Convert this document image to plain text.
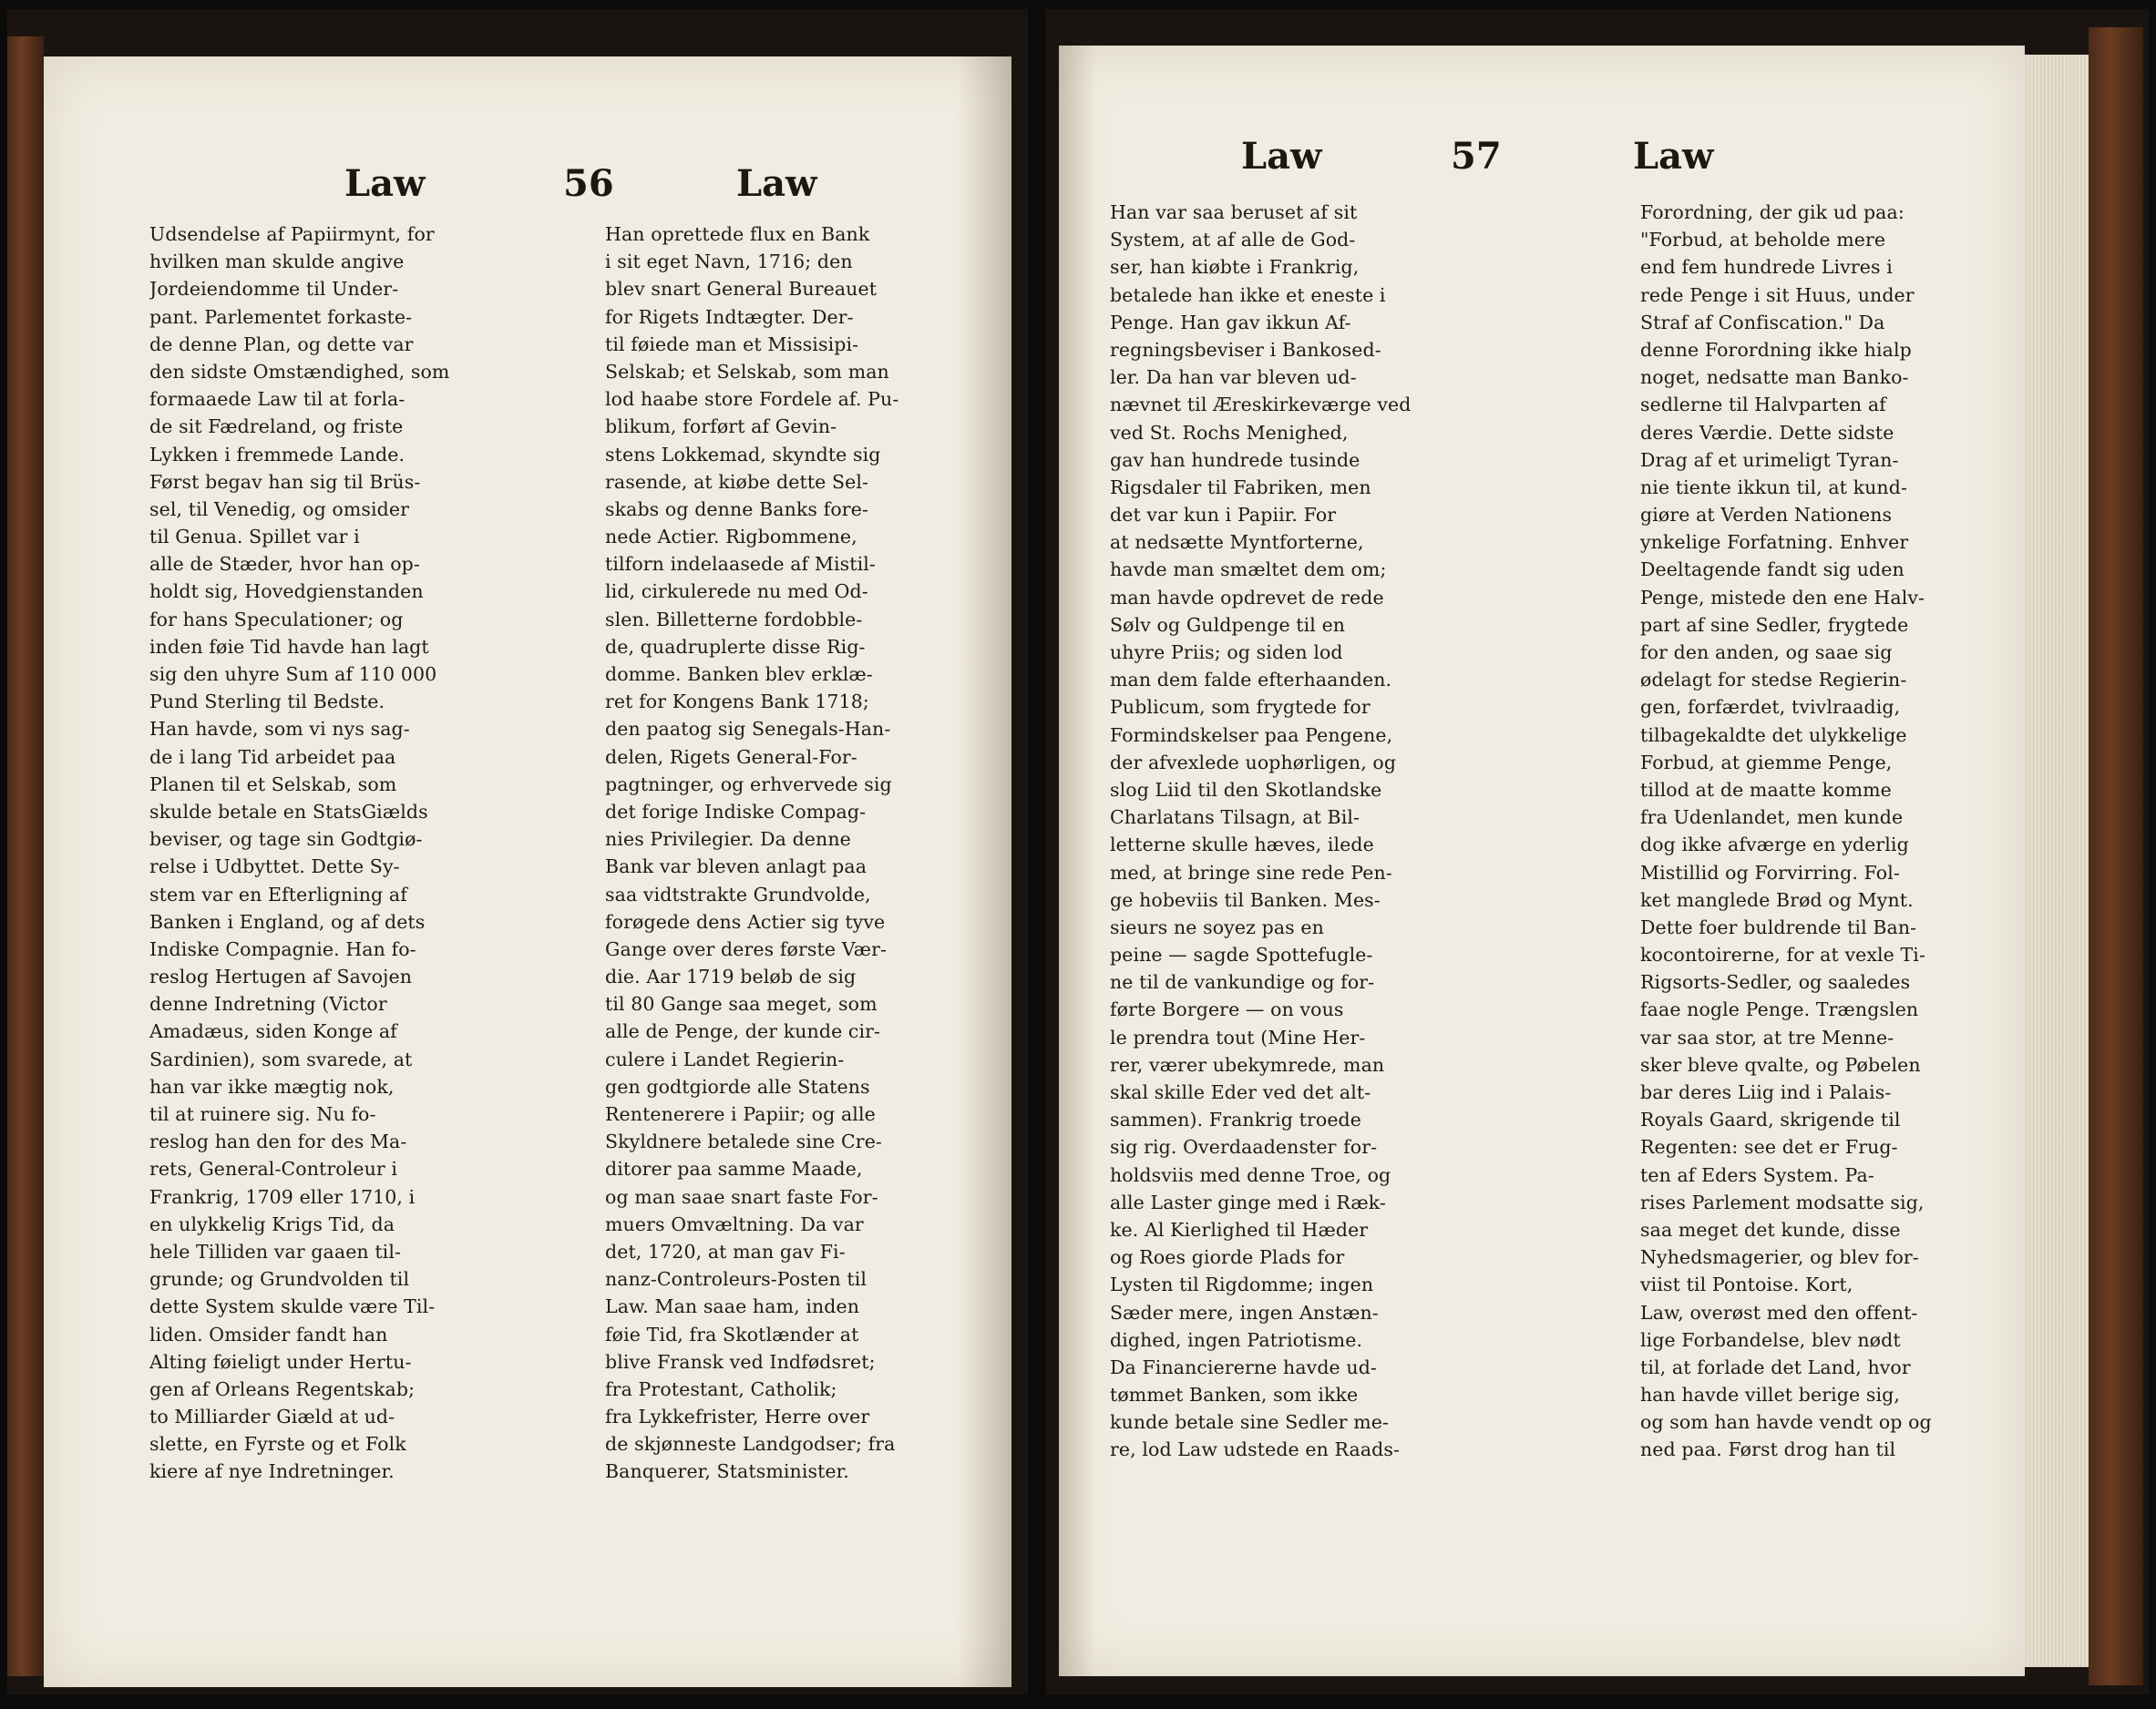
Law	56	Law
Udsendelse af Papiirmynt, for
hvilken man skulde angive
Jordeiendomme til Under-
pant. Parlementet forkaste-
de denne Plan, og dette var
den sidste Omstændighed, som
formaaede Law til at forla-
de sit Fædreland, og friste
Lykken i fremmede Lande.
Først begav han sig til Brüs-
sel, til Venedig, og omsider
til Genua. Spillet var i
alle de Stæder, hvor han op-
holdt sig, Hovedgienstanden
for hans Speculationer; og
inden føie Tid havde han lagt
sig den uhyre Sum af 110 000
Pund Sterling til Bedste.
Han havde, som vi nys sag-
de i lang Tid arbeidet paa
Planen til et Selskab, som
skulde betale en StatsGiælds
beviser, og tage sin Godtgiø-
relse i Udbyttet. Dette Sy-
stem var en Efterligning af
Banken i England, og af dets
Indiske Compagnie. Han fo-
reslog Hertugen af Savojen
denne Indretning (Victor
Amadæus, siden Konge af
Sardinien), som svarede, at
han var ikke mægtig nok,
til at ruinere sig. Nu fo-
reslog han den for des Ma-
rets, General-Controleur i
Frankrig, 1709 eller 1710, i
en ulykkelig Krigs Tid, da
hele Tilliden var gaaen til-
grunde; og Grundvolden til
dette System skulde være Til-
liden. Omsider fandt han
Alting føieligt under Hertu-
gen af Orleans Regentskab;
to Milliarder Giæld at ud-
slette, en Fyrste og et Folk
kiere af nye Indretninger.
Han oprettede flux en Bank
i sit eget Navn, 1716; den
blev snart General Bureauet
for Rigets Indtægter. Der-
til føiede man et Missisipi-
Selskab; et Selskab, som man
lod haabe store Fordele af. Pu-
blikum, forført af Gevin-
stens Lokkemad, skyndte sig
rasende, at kiøbe dette Sel-
skabs og denne Banks fore-
nede Actier. Rigbommene,
tilforn indelaasede af Mistil-
lid, cirkulerede nu med Od-
slen. Billetterne fordobble-
de, quadruplerte disse Rig-
domme. Banken blev erklæ-
ret for Kongens Bank 1718;
den paatog sig Senegals-Han-
delen, Rigets General-For-
pagtninger, og erhvervede sig
det forige Indiske Compag-
nies Privilegier. Da denne
Bank var bleven anlagt paa
saa vidtstrakte Grundvolde,
forøgede dens Actier sig tyve
Gange over deres første Vær-
die. Aar 1719 beløb de sig
til 80 Gange saa meget, som
alle de Penge, der kunde cir-
culere i Landet Regierin-
gen godtgiorde alle Statens
Rentenerere i Papiir; og alle
Skyldnere betalede sine Cre-
ditorer paa samme Maade,
og man saae snart faste For-
muers Omvæltning. Da var
det, 1720, at man gav Fi-
nanz-Controleurs-Posten til
Law. Man saae ham, inden
føie Tid, fra Skotlænder at
blive Fransk ved Indfødsret;
fra Protestant, Catholik;
fra Lykkefrister, Herre over
de skjønneste Landgodser; fra
Banquerer, Statsminister.
Law	57	Law
Han var saa beruset af sit
System, at af alle de God-
ser, han kiøbte i Frankrig,
betalede han ikke et eneste i
Penge. Han gav ikkun Af-
regningsbeviser i Bankosed-
ler. Da han var bleven ud-
nævnet til Æreskirkeværge ved
ved St. Rochs Menighed,
gav han hundrede tusinde
Rigsdaler til Fabriken, men
det var kun i Papiir. For
at nedsætte Myntforterne,
havde man smæltet dem om;
man havde opdrevet de rede
Sølv og Guldpenge til en
uhyre Priis; og siden lod
man dem falde efterhaanden.
Publicum, som frygtede for
Formindskelser paa Pengene,
der afvexlede uophørligen, og
slog Liid til den Skotlandske
Charlatans Tilsagn, at Bil-
letterne skulle hæves, ilede
med, at bringe sine rede Pen-
ge hobeviis til Banken. Mes-
sieurs ne soyez pas en
peine — sagde Spottefugle-
ne til de vankundige og for-
førte Borgere — on vous
le prendra tout (Mine Her-
rer, værer ubekymrede, man
skal skille Eder ved det alt-
sammen). Frankrig troede
sig rig. Overdaadenstег for-
holdsviis med denne Troe, og
alle Laster ginge med i Ræk-
ke. Al Kierlighed til Hæder
og Roes giorde Plads for
Lysten til Rigdomme; ingen
Sæder mere, ingen Anstæn-
dighed, ingen Patriotisme.
Da Financiererne havde ud-
tømmet Banken, som ikke
kunde betale sine Sedler me-
re, lod Law udstede en Raads-
Forordning, der gik ud paa:
"Forbud, at beholde mere
end fem hundrede Livres i
rede Penge i sit Huus, under
Straf af Confiscation." Da
denne Forordning ikke hialp
noget, nedsatte man Banko-
sedlerne til Halvparten af
deres Værdie. Dette sidste
Drag af et urimeligt Tyran-
nie tiente ikkun til, at kund-
giøre at Verden Nationens
ynkelige Forfatning. Enhver
Deeltagende fandt sig uden
Penge, mistede den ene Halv-
part af sine Sedler, frygtede
for den anden, og saae sig
ødelagt for stedse Regierin-
gen, forfærdet, tvivlraadig,
tilbagekaldte det ulykkelige
Forbud, at giemme Penge,
tillod at de maatte komme
fra Udenlandet, men kunde
dog ikke afværge en yderlig
Mistillid og Forvirring. Fol-
ket manglede Brød og Mynt.
Dette foer buldrende til Ban-
kocontoirerne, for at vexle Ti-
Rigsorts-Sedler, og saaledes
faae nogle Penge. Trængslen
var saa stor, at tre Menne-
sker bleve qvalte, og Pøbelen
bar deres Liig ind i Palais-
Royals Gaard, skrigende til
Regenten: see det er Frug-
ten af Eders System. Pa-
rises Parlement modsatte sig,
saa meget det kunde, disse
Nyhedsmagerier, og blev for-
viist til Pontoise. Kort,
Law, overøst med den offent-
lige Forbandelse, blev nødt
til, at forlade det Land, hvor
han havde villet berige sig,
og som han havde vendt op og
ned paa. Først drog han til
